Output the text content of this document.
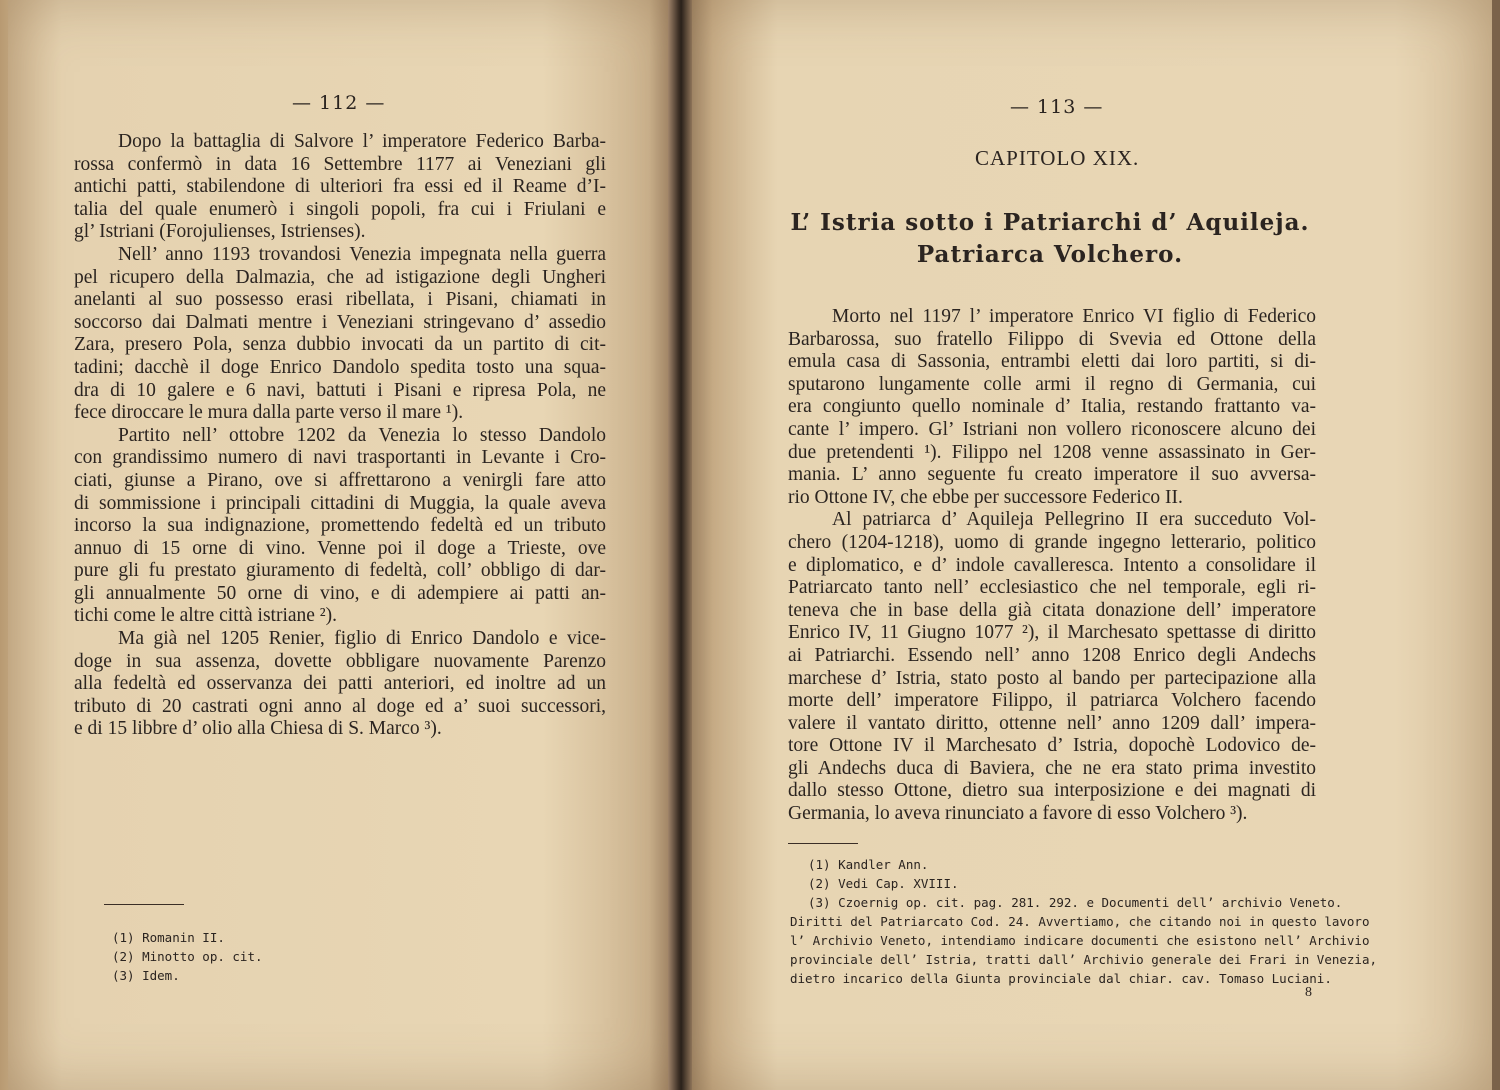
— 112 —
Dopo la battaglia di Salvore l’ imperatore Federico Barba-
rossa confermò in data 16 Settembre 1177 ai Veneziani gli
antichi patti, stabilendone di ulteriori fra essi ed il Reame d’I-
talia del quale enumerò i singoli popoli, fra cui i Friulani e
gl’ Istriani (Forojulienses, Istrienses).
Nell’ anno 1193 trovandosi Venezia impegnata nella guerra
pel ricupero della Dalmazia, che ad istigazione degli Ungheri
anelanti al suo possesso erasi ribellata, i Pisani, chiamati in
soccorso dai Dalmati mentre i Veneziani stringevano d’ assedio
Zara, presero Pola, senza dubbio invocati da un partito di cit-
tadini; dacchè il doge Enrico Dandolo spedita tosto una squa-
dra di 10 galere e 6 navi, battuti i Pisani e ripresa Pola, ne
fece diroccare le mura dalla parte verso il mare ¹).
Partito nell’ ottobre 1202 da Venezia lo stesso Dandolo
con grandissimo numero di navi trasportanti in Levante i Cro-
ciati, giunse a Pirano, ove si affrettarono a venirgli fare atto
di sommissione i principali cittadini di Muggia, la quale aveva
incorso la sua indignazione, promettendo fedeltà ed un tributo
annuo di 15 orne di vino. Venne poi il doge a Trieste, ove
pure gli fu prestato giuramento di fedeltà, coll’ obbligo di dar-
gli annualmente 50 orne di vino, e di adempiere ai patti an-
tichi come le altre città istriane ²).
Ma già nel 1205 Renier, figlio di Enrico Dandolo e vice-
doge in sua assenza, dovette obbligare nuovamente Parenzo
alla fedeltà ed osservanza dei patti anteriori, ed inoltre ad un
tributo di 20 castrati ogni anno al doge ed a’ suoi successori,
e di 15 libbre d’ olio alla Chiesa di S. Marco ³).
(1) Romanin II.
(2) Minotto op. cit.
(3) Idem.
— 113 —
CAPITOLO XIX.
L’ Istria sotto i Patriarchi d’ Aquileja.
Patriarca Volchero.
Morto nel 1197 l’ imperatore Enrico VI figlio di Federico
Barbarossa, suo fratello Filippo di Svevia ed Ottone della
emula casa di Sassonia, entrambi eletti dai loro partiti, si di-
sputarono lungamente colle armi il regno di Germania, cui
era congiunto quello nominale d’ Italia, restando frattanto va-
cante l’ impero. Gl’ Istriani non vollero riconoscere alcuno dei
due pretendenti ¹). Filippo nel 1208 venne assassinato in Ger-
mania. L’ anno seguente fu creato imperatore il suo avversa-
rio Ottone IV, che ebbe per successore Federico II.
Al patriarca d’ Aquileja Pellegrino II era succeduto Vol-
chero (1204-1218), uomo di grande ingegno letterario, politico
e diplomatico, e d’ indole cavalleresca. Intento a consolidare il
Patriarcato tanto nell’ ecclesiastico che nel temporale, egli ri-
teneva che in base della già citata donazione dell’ imperatore
Enrico IV, 11 Giugno 1077 ²), il Marchesato spettasse di diritto
ai Patriarchi. Essendo nell’ anno 1208 Enrico degli Andechs
marchese d’ Istria, stato posto al bando per partecipazione alla
morte dell’ imperatore Filippo, il patriarca Volchero facendo
valere il vantato diritto, ottenne nell’ anno 1209 dall’ impera-
tore Ottone IV il Marchesato d’ Istria, dopochè Lodovico de-
gli Andechs duca di Baviera, che ne era stato prima investito
dallo stesso Ottone, dietro sua interposizione e dei magnati di
Germania, lo aveva rinunciato a favore di esso Volchero ³).
(1) Kandler Ann.
(2) Vedi Cap. XVIII.
(3) Czoernig op. cit. pag. 281. 292. e Documenti dell’ archivio Veneto.
Diritti del Patriarcato Cod. 24. Avvertiamo, che citando noi in questo lavoro
l’ Archivio Veneto, intendiamo indicare documenti che esistono nell’ Archivio
provinciale dell’ Istria, tratti dall’ Archivio generale dei Frari in Venezia,
dietro incarico della Giunta provinciale dal chiar. cav. Tomaso Luciani.
8
